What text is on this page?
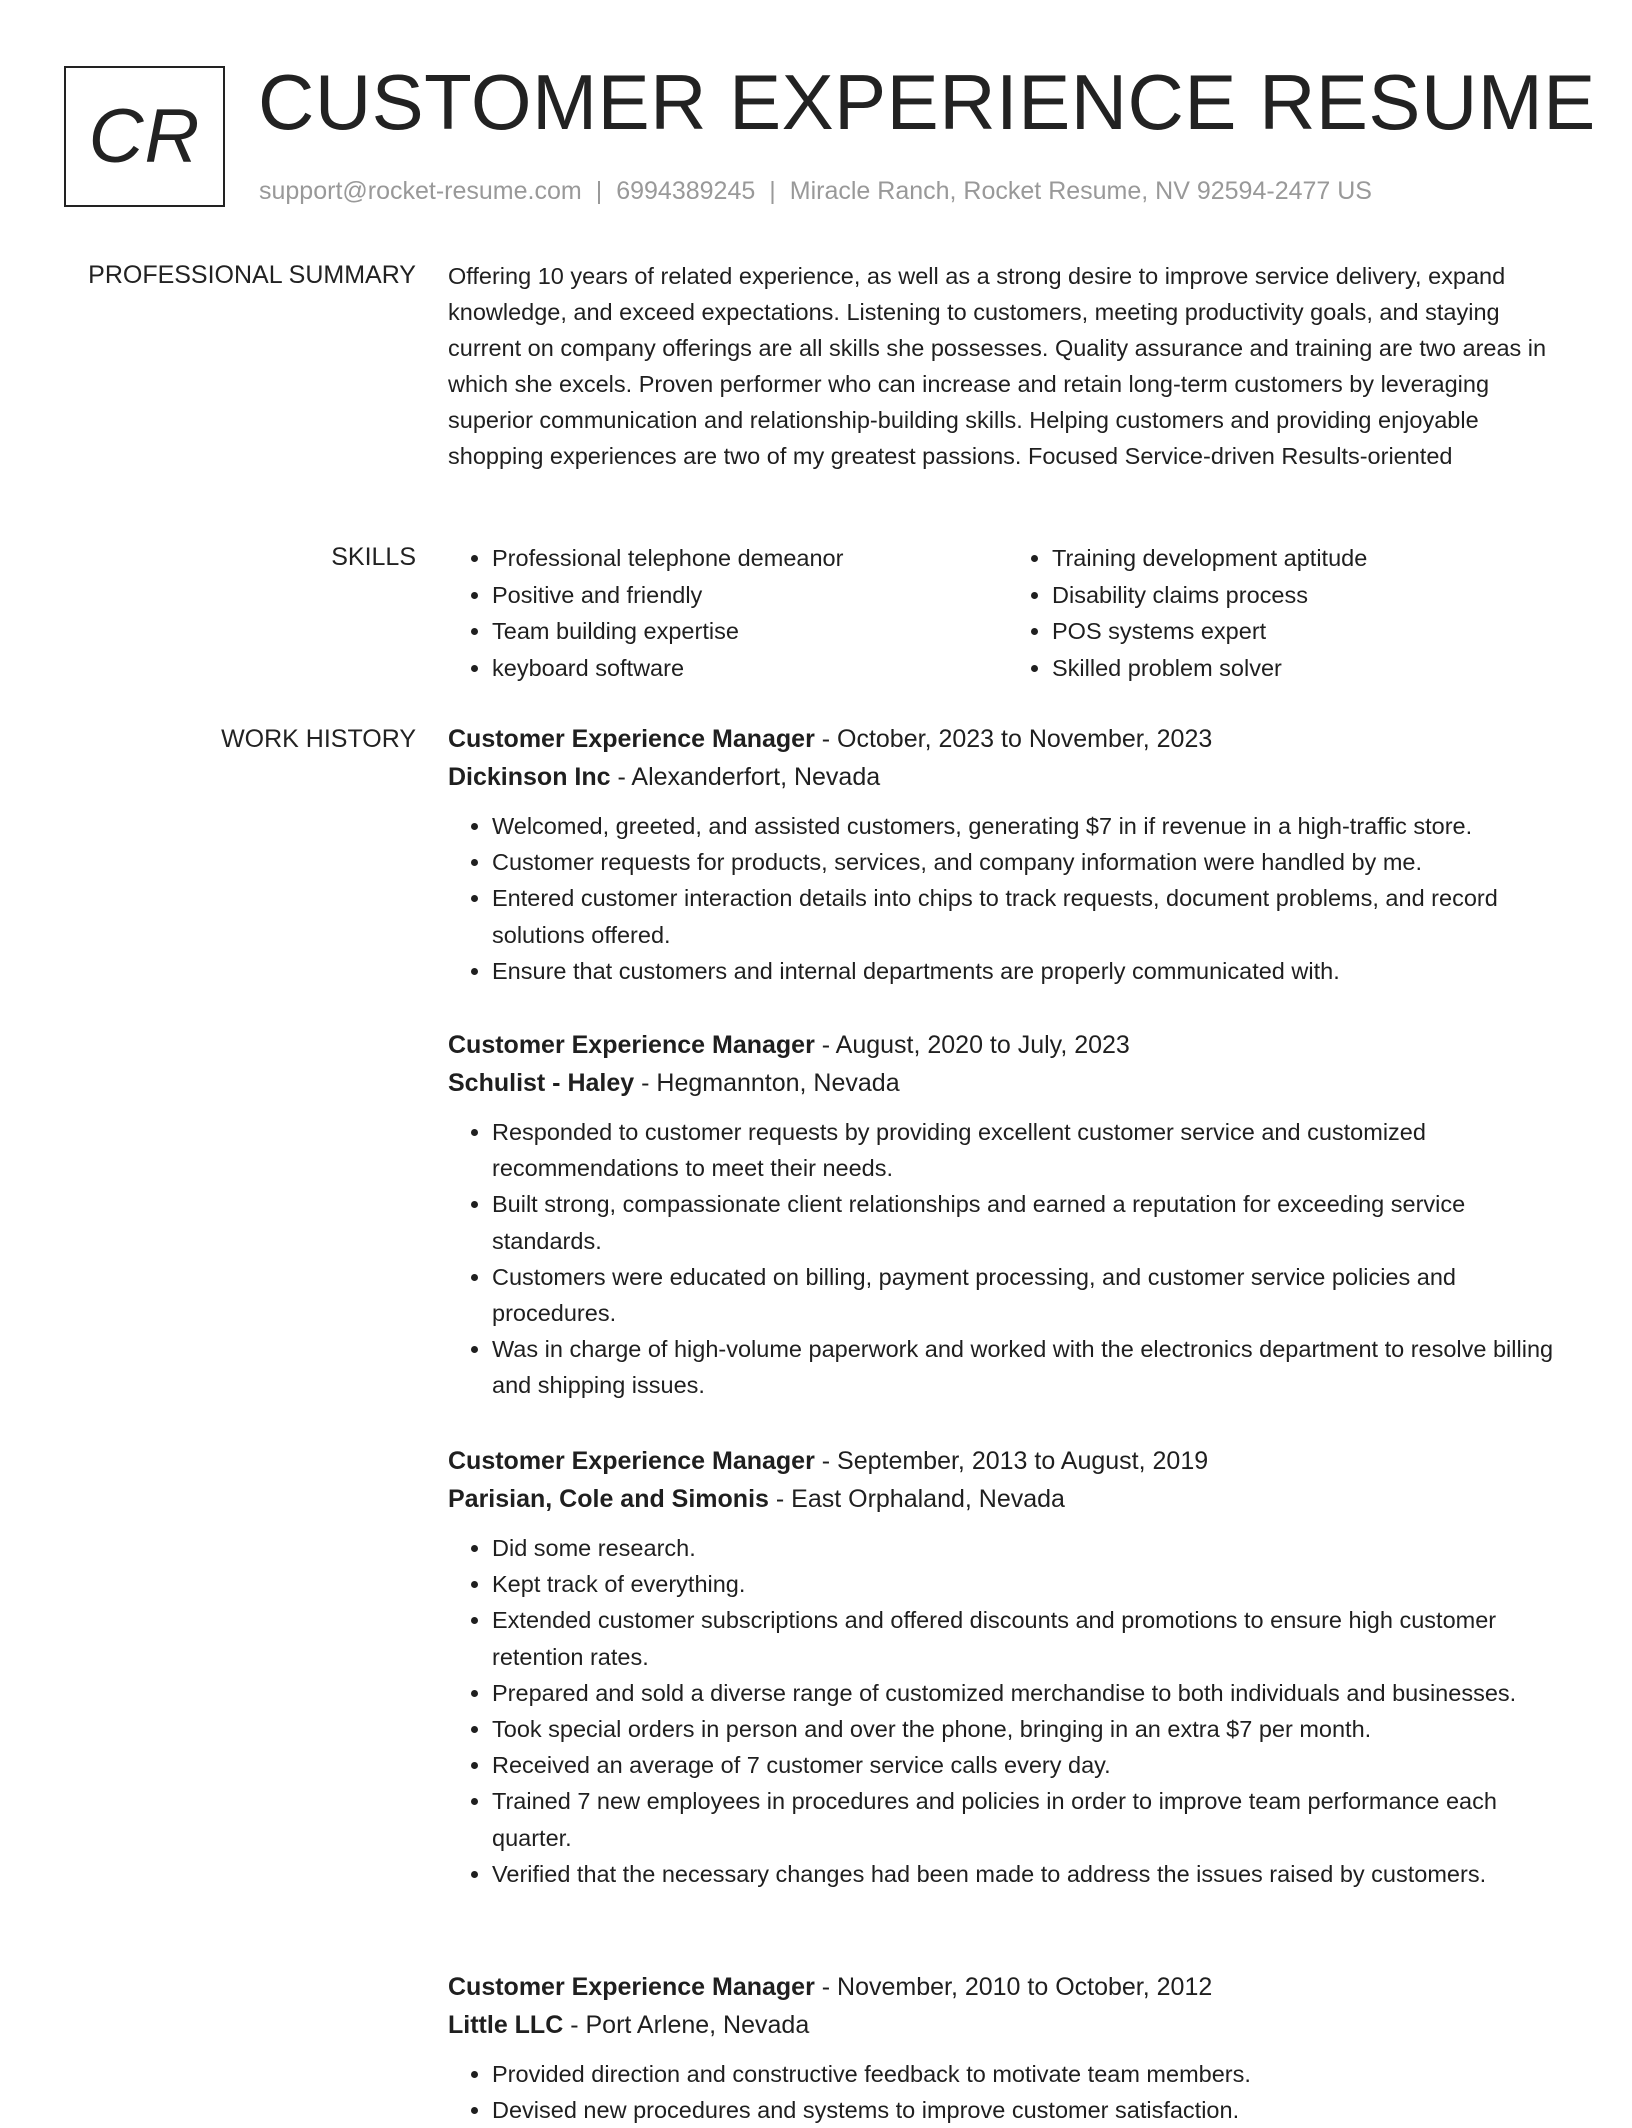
CR CUSTOMER EXPERIENCE RESUME
support@rocket-resume.com | 6994389245 | Miracle Ranch, Rocket Resume, NV 92594-2477 US
PROFESSIONAL SUMMARY Offering 10 years of related experience, as well as a strong desire to improve service delivery, expand knowledge, and exceed expectations. Listening to customers, meeting productivity goals, and staying current on company offerings are all skills she possesses. Quality assurance and training are two areas in which she excels. Proven performer who can increase and retain long-term customers by leveraging superior communication and relationship-building skills. Helping customers and providing enjoyable shopping experiences are two of my greatest passions. Focused Service-driven Results-oriented

SKILLS
•	Professional telephone demeanor
• Positive and friendly
• Team building expertise
• keyboard software
• Training development aptitude
• Disability claims process
• POS systems expert
• Skilled problem solver
WORK HISTORY Customer Experience Manager - October, 2023 to November, 2023
Dickinson Inc - Alexanderfort, Nevada
• Welcomed, greeted, and assisted customers, generating $7 in if revenue in a high-traffic store.
• Customer requests for products, services, and company information were handled by me.
• Entered customer interaction details into chips to track requests, document problems, and record solutions offered.
• Ensure that customers and internal departments are properly communicated with.
Customer Experience Manager - August, 2020 to July, 2023
Schulist - Haley - Hegmannton, Nevada
• Responded to customer requests by providing excellent customer service and customized recommendations to meet their needs.
• Built strong, compassionate client relationships and earned a reputation for exceeding service standards.
• Customers were educated on billing, payment processing, and customer service policies and procedures.
• Was in charge of high-volume paperwork and worked with the electronics department to resolve billing and shipping issues.
Customer Experience Manager - September, 2013 to August, 2019
Parisian, Cole and Simonis - East Orphaland, Nevada
• Did some research.
• Kept track of everything.
• Extended customer subscriptions and offered discounts and promotions to ensure high customer retention rates.
• Prepared and sold a diverse range of customized merchandise to both individuals and businesses.
• Took special orders in person and over the phone, bringing in an extra $7 per month.
• Received an average of 7 customer service calls every day.
• Trained 7 new employees in procedures and policies in order to improve team performance each quarter.
• Verified that the necessary changes had been made to address the issues raised by customers.
Customer Experience Manager - November, 2010 to October, 2012
Little LLC - Port Arlene, Nevada
• Provided direction and constructive feedback to motivate team members.
• Devised new procedures and systems to improve customer satisfaction.
